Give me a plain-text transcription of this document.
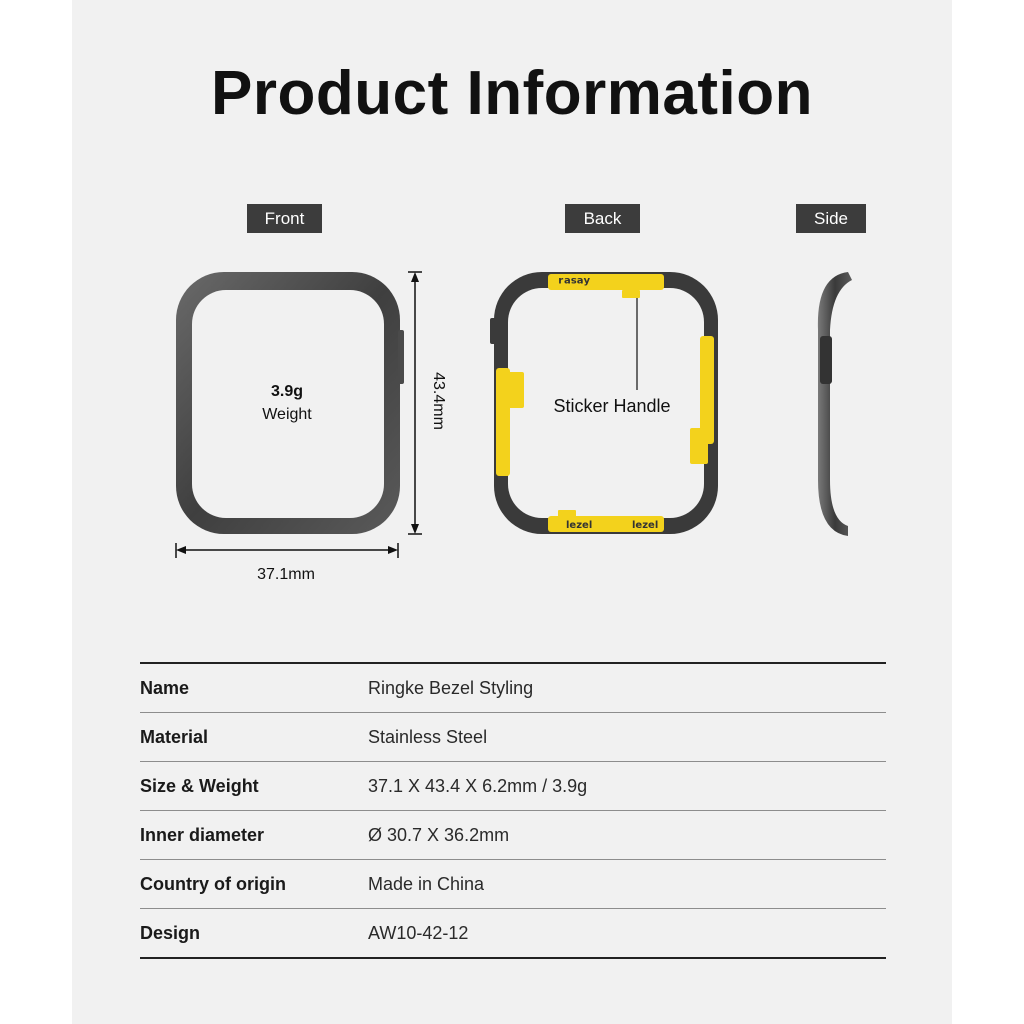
Product Information
Front	Back	Side
ʎɐsɐɹ
lezel	lezel
3.9g
Weight
37.1mm
43.4mm	Sticker Handle
Name	Ringke Bezel Styling
Material	Stainless Steel
Size & Weight	37.1 X 43.4 X 6.2mm / 3.9g
Inner diameter	Ø 30.7 X 36.2mm
Country of origin	Made in China
Design	AW10-42-12
